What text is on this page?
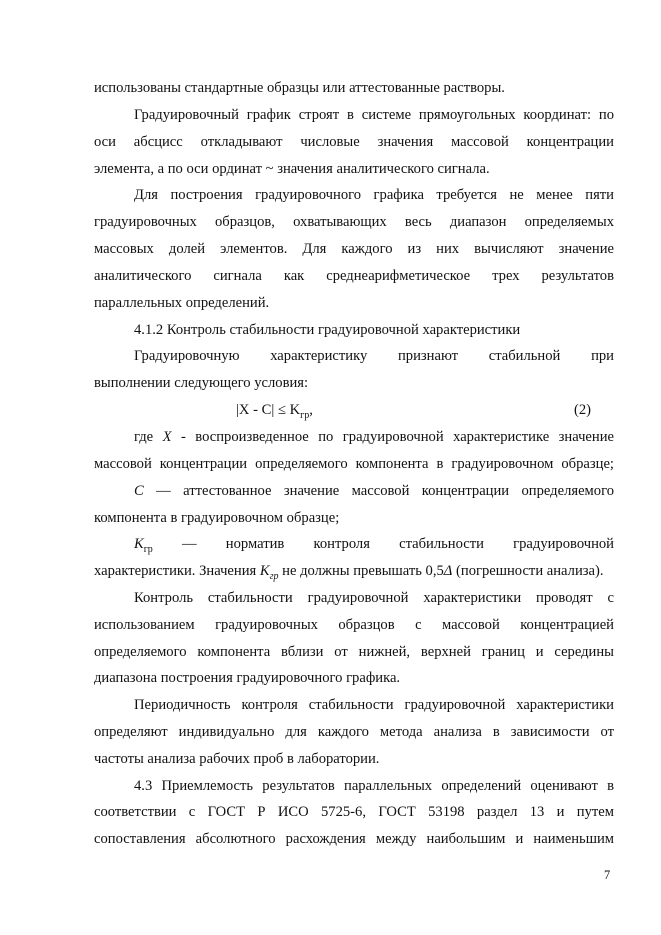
использованы стандартные образцы или аттестованные растворы.
Градуировочный график строят в системе прямоугольных координат: по
оси абсцисс откладывают числовые значения массовой концентрации
элемента, а по оси ординат ~ значения аналитического сигнала.
Для построения градуировочного графика требуется не менее пяти
градуировочных образцов, охватывающих весь диапазон определяемых
массовых долей элементов. Для каждого из них вычисляют значение
аналитического сигнала как среднеарифметическое трех результатов
параллельных определений.
4.1.2 Контроль стабильности градуировочной характеристики
Градуировочную характеристику признают стабильной при
выполнении следующего условия:
$|X - C| \le K_{гр}$,	(2)
где X - воспроизведенное по градуировочной характеристике значение
массовой концентрации определяемого компонента в градуировочном образце;
С — аттестованное значение массовой концентрации определяемого
компонента в градуировочном образце;
$К_{гр}$ — норматив контроля стабильности градуировочной
характеристики. Значения $К_{гр}$ не должны превышать 0,5Δ (погрешности анализа).
Контроль стабильности градуировочной характеристики проводят с
использованием градуировочных образцов с массовой концентрацией
определяемого компонента вблизи от нижней, верхней границ и середины
диапазона построения градуировочного графика.
Периодичность контроля стабильности градуировочной характеристики
определяют индивидуально для каждого метода анализа в зависимости от
частоты анализа рабочих проб в лаборатории.
4.3 Приемлемость результатов параллельных определений оценивают в
соответствии с ГОСТ Р ИСО 5725-6, ГОСТ 53198 раздел 13 и путем
сопоставления абсолютного расхождения между наибольшим и наименьшим
7
